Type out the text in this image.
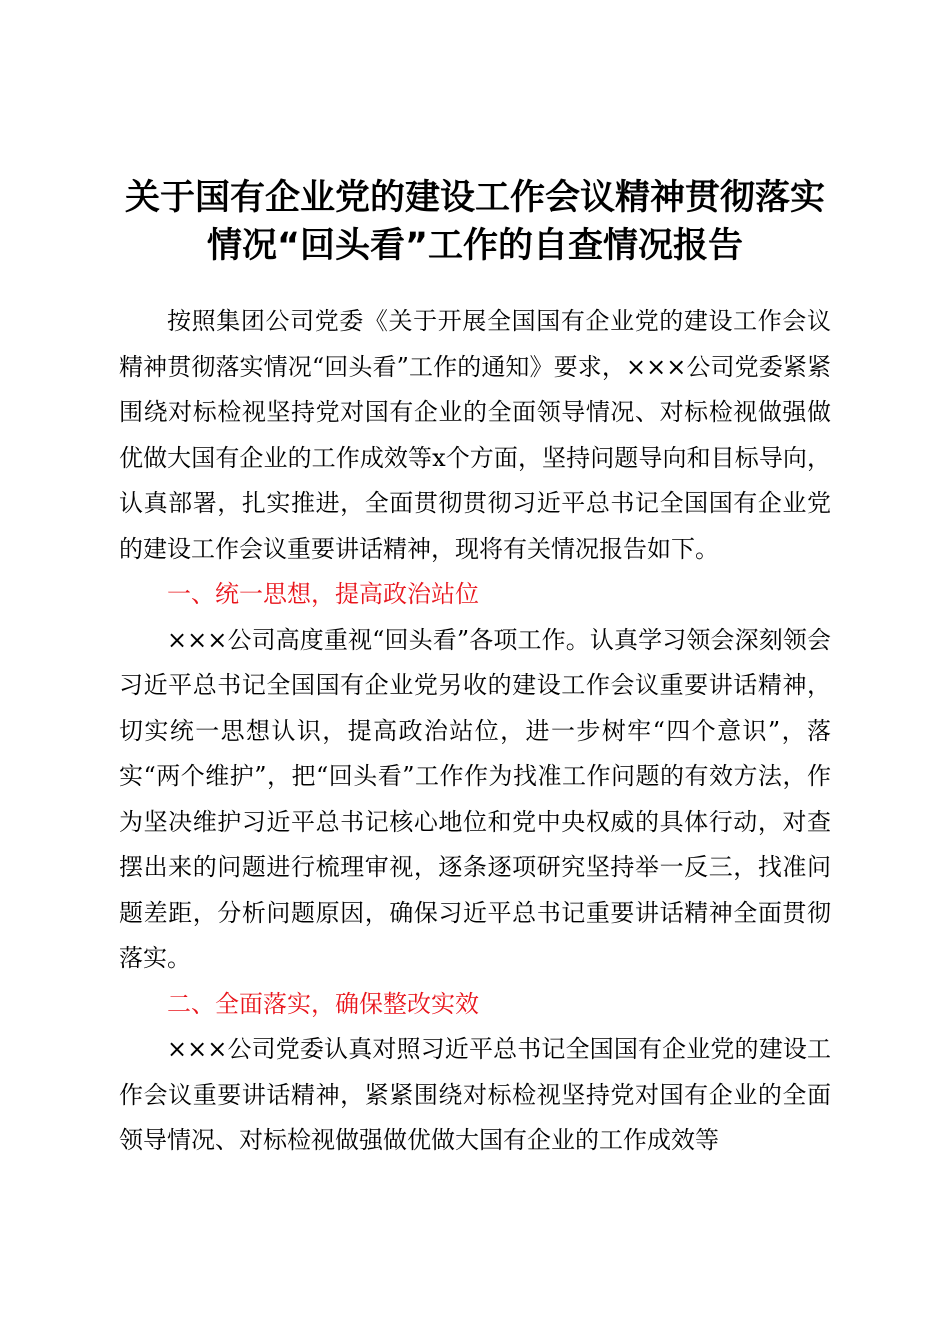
关于国有企业党的建设工作会议精神贯彻落实
情况“回头看”工作的自查情况报告

按照集团公司党委《关于开展全国国有企业党的建设工作会议精神贯彻落实情况“回头看”工作的通知》要求，×××公司党委紧紧围绕对标检视坚持党对国有企业的全面领导情况、对标检视做强做优做大国有企业的工作成效等x个方面，坚持问题导向和目标导向，认真部署，扎实推进，全面贯彻贯彻习近平总书记全国国有企业党的建设工作会议重要讲话精神，现将有关情况报告如下。

一、统一思想，提高政治站位

×××公司高度重视“回头看”各项工作。认真学习领会深刻领会习近平总书记全国国有企业党另收的建设工作会议重要讲话精神，切实统一思想认识，提高政治站位，进一步树牢“四个意识”，落实“两个维护”，把“回头看”工作作为找准工作问题的有效方法，作为坚决维护习近平总书记核心地位和党中央权威的具体行动，对查摆出来的问题进行梳理审视，逐条逐项研究坚持举一反三，找准问题差距，分析问题原因，确保习近平总书记重要讲话精神全面贯彻落实。

二、全面落实，确保整改实效

×××公司党委认真对照习近平总书记全国国有企业党的建设工作会议重要讲话精神，紧紧围绕对标检视坚持党对国有企业的全面领导情况、对标检视做强做优做大国有企业的工作成效等
